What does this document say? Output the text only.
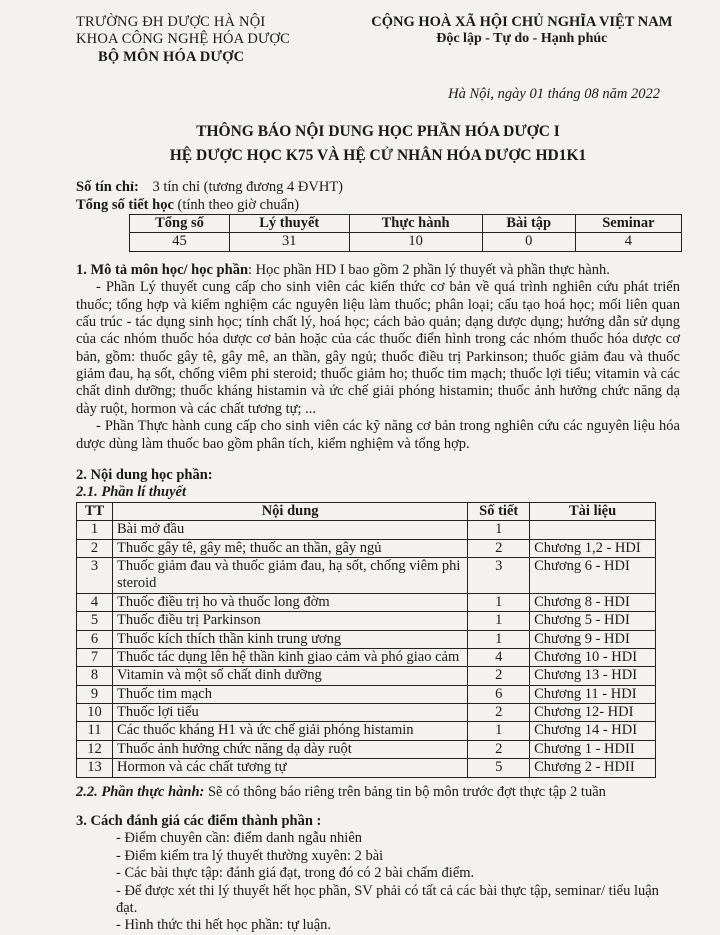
TRƯỜNG ĐH DƯỢC HÀ NỘI
KHOA CÔNG NGHỆ HÓA DƯỢC
BỘ MÔN HÓA DƯỢC
CỘNG HOÀ XÃ HỘI CHỦ NGHĨA VIỆT NAM
Độc lập - Tự do - Hạnh phúc
Hà Nội, ngày 01 tháng 08 năm 2022
THÔNG BÁO NỘI DUNG HỌC PHẦN HÓA DƯỢC I
HỆ DƯỢC HỌC K75 VÀ HỆ CỬ NHÂN HÓA DƯỢC HD1K1
Số tín chỉ: 3 tín chỉ (tương đương 4 ĐVHT)
Tổng số tiết học (tính theo giờ chuẩn)
Tổng số	Lý thuyết	Thực hành	Bài tập	Seminar
45	31	10	0	4

1. Mô tả môn học/ học phần: Học phần HD I bao gồm 2 phần lý thuyết và phần thực hành.

- Phần Lý thuyết cung cấp cho sinh viên các kiến thức cơ bản về quá trình nghiên cứu phát triển thuốc; tổng hợp và kiểm nghiệm các nguyên liệu làm thuốc; phân loại; cấu tạo hoá học; mối liên quan cấu trúc - tác dụng sinh học; tính chất lý, hoá học; cách bảo quản; dạng dược dụng; hướng dẫn sử dụng của các nhóm thuốc hóa dược cơ bản hoặc của các thuốc điển hình trong các nhóm thuốc hóa dược cơ bản, gồm: thuốc gây tê, gây mê, an thần, gây ngủ; thuốc điều trị Parkinson; thuốc giảm đau và thuốc giảm đau, hạ sốt, chống viêm phi steroid; thuốc giảm ho; thuốc tim mạch; thuốc lợi tiểu; vitamin và các chất dinh dưỡng; thuốc kháng histamin và ức chế giải phóng histamin; thuốc ảnh hưởng chức năng dạ dày ruột, hormon và các chất tương tự; ...

- Phần Thực hành cung cấp cho sinh viên các kỹ năng cơ bản trong nghiên cứu các nguyên liệu hóa dược dùng làm thuốc bao gồm phân tích, kiểm nghiệm và tổng hợp.

2. Nội dung học phần:
2.1. Phần lí thuyết
TT	Nội dung	Số tiết	Tài liệu
1	Bài mở đầu	1	
2	Thuốc gây tê, gây mê; thuốc an thần, gây ngủ	2	Chương 1,2 - HDI
3	Thuốc giảm đau và thuốc giảm đau, hạ sốt, chống viêm phi steroid	3	Chương 6 - HDI
4	Thuốc điều trị ho và thuốc long đờm	1	Chương 8 - HDI
5	Thuốc điều trị Parkinson	1	Chương 5 - HDI
6	Thuốc kích thích thần kinh trung ương	1	Chương 9 - HDI
7	Thuốc tác dụng lên hệ thần kinh giao cảm và phó giao cảm	4	Chương 10 - HDI
8	Vitamin và một số chất dinh dưỡng	2	Chương 13 - HDI
9	Thuốc tim mạch	6	Chương 11 - HDI
10	Thuốc lợi tiểu	2	Chương 12- HDI
11	Các thuốc kháng H1 và ức chế giải phóng histamin	1	Chương 14 - HDI
12	Thuốc ảnh hưởng chức năng dạ dày ruột	2	Chương 1 - HDII
13	Hormon và các chất tương tự	5	Chương 2 - HDII
2.2. Phần thực hành: Sẽ có thông báo riêng trên bảng tin bộ môn trước đợt thực tập 2 tuần
3. Cách đánh giá các điểm thành phần :
- Điểm chuyên cần: điểm danh ngẫu nhiên
- Điểm kiểm tra lý thuyết thường xuyên: 2 bài
- Các bài thực tập: đánh giá đạt, trong đó có 2 bài chấm điểm.
- Để được xét thi lý thuyết hết học phần, SV phải có tất cả các bài thực tập, seminar/ tiểu luận đạt.
- Hình thức thi hết học phần: tự luận.
